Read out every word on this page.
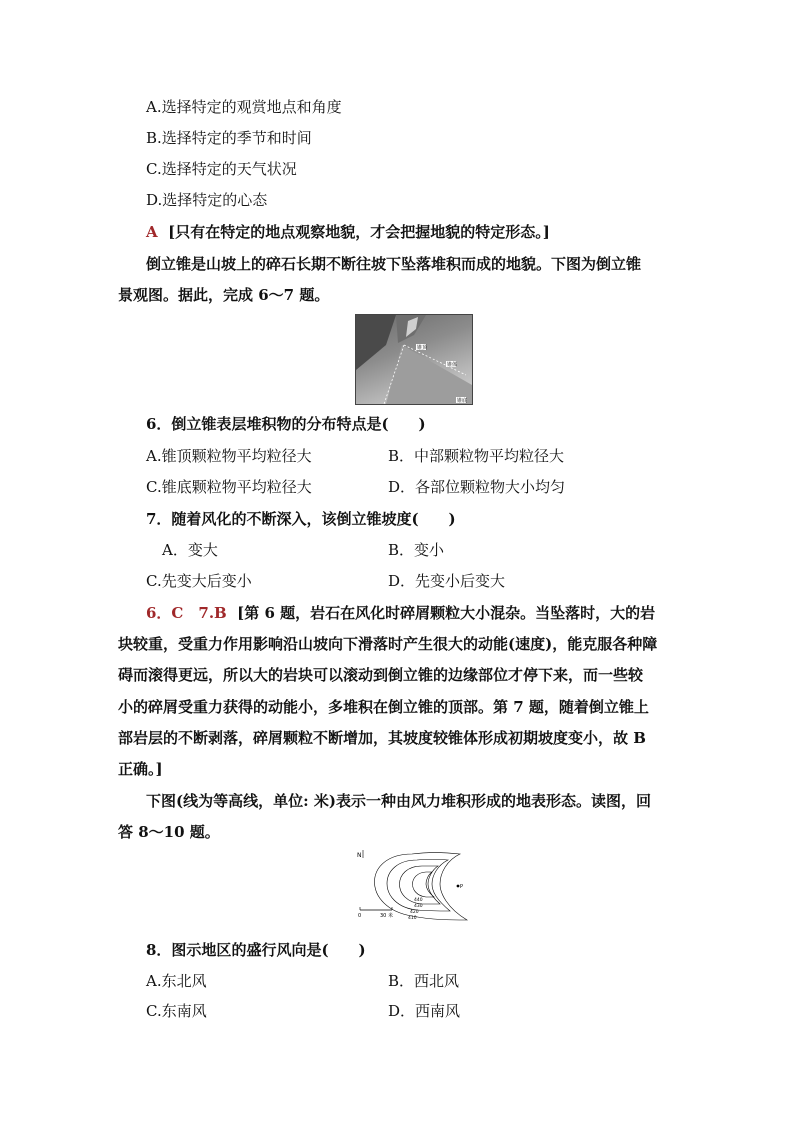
A.选择特定的观赏地点和角度
B.选择特定的季节和时间
C.选择特定的天气状况
D.选择特定的心态
A [只有在特定的地点观察地貌，才会把握地貌的特定形态。]
倒立锥是山坡上的碎石长期不断往坡下坠落堆积而成的地貌。下图为倒立锥
景观图。据此，完成 6～7 题。
锥顶
锥体
锥底
6．倒立锥表层堆积物的分布特点是(　　)
A.锥顶颗粒物平均粒径大	B．中部颗粒物平均粒径大
C.锥底颗粒物平均粒径大	D．各部位颗粒物大小均匀
7．随着风化的不断深入，该倒立锥坡度(　　)
A．变大	B．变小
C.先变大后变小	D．先变小后变大
6．C　7.B [第 6 题，岩石在风化时碎屑颗粒大小混杂。当坠落时，大的岩
块较重，受重力作用影响沿山坡向下滑落时产生很大的动能(速度)，能克服各种障
碍而滚得更远，所以大的岩块可以滚动到倒立锥的边缘部位才停下来，而一些较
小的碎屑受重力获得的动能小，多堆积在倒立锥的顶部。第 7 题，随着倒立锥上
部岩层的不断剥落，碎屑颗粒不断增加，其坡度较锥体形成初期坡度变小，故 B
正确。]
下图(线为等高线，单位: 米)表示一种由风力堆积形成的地表形态。读图，回
答 8～10 题。
N
P
440
430
420
410
0	30 米
8．图示地区的盛行风向是(　　)
A.东北风	B．西北风
C.东南风	D．西南风
